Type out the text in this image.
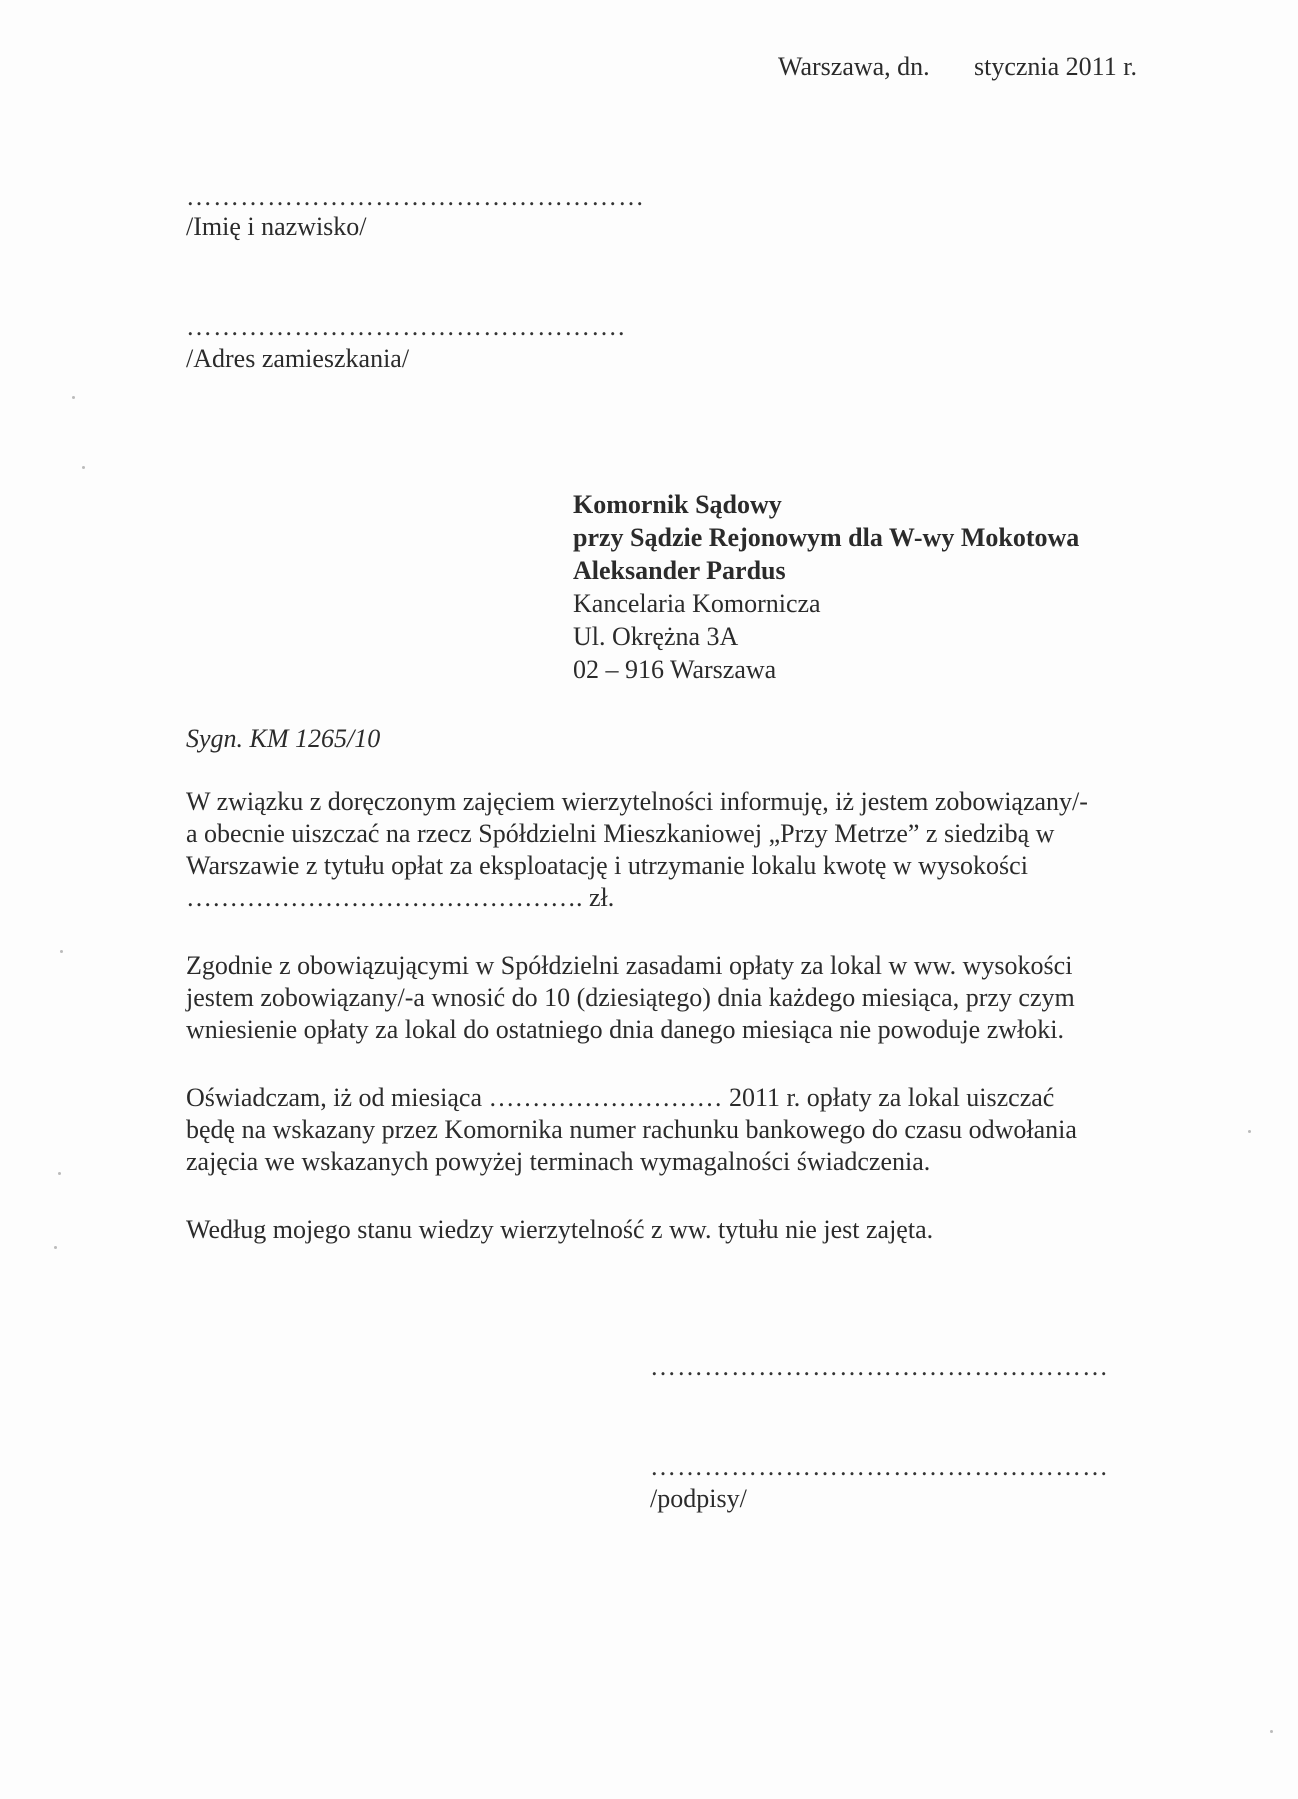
Warszawa, dn. stycznia 2011 r.
……………………………………………
/Imię i nazwisko/
………………………………………….
/Adres zamieszkania/
Komornik Sądowy
przy Sądzie Rejonowym dla W-wy Mokotowa
Aleksander Pardus
Kancelaria Komornicza
Ul. Okrężna 3A
02 – 916 Warszawa
Sygn. KM 1265/10
W związku z doręczonym zajęciem wierzytelności informuję, iż jestem zobowiązany/-
a obecnie uiszczać na rzecz Spółdzielni Mieszkaniowej „Przy Metrze” z siedzibą w
Warszawie z tytułu opłat za eksploatację i utrzymanie lokalu kwotę w wysokości
………………………………………. zł.
Zgodnie z obowiązującymi w Spółdzielni zasadami opłaty za lokal w ww. wysokości
jestem zobowiązany/-a wnosić do 10 (dziesiątego) dnia każdego miesiąca, przy czym
wniesienie opłaty za lokal do ostatniego dnia danego miesiąca nie powoduje zwłoki.
Oświadczam, iż od miesiąca ……………………… 2011 r. opłaty za lokal uiszczać
będę na wskazany przez Komornika numer rachunku bankowego do czasu odwołania
zajęcia we wskazanych powyżej terminach wymagalności świadczenia.
Według mojego stanu wiedzy wierzytelność z ww. tytułu nie jest zajęta.
……………………………………………
……………………………………………
/podpisy/
